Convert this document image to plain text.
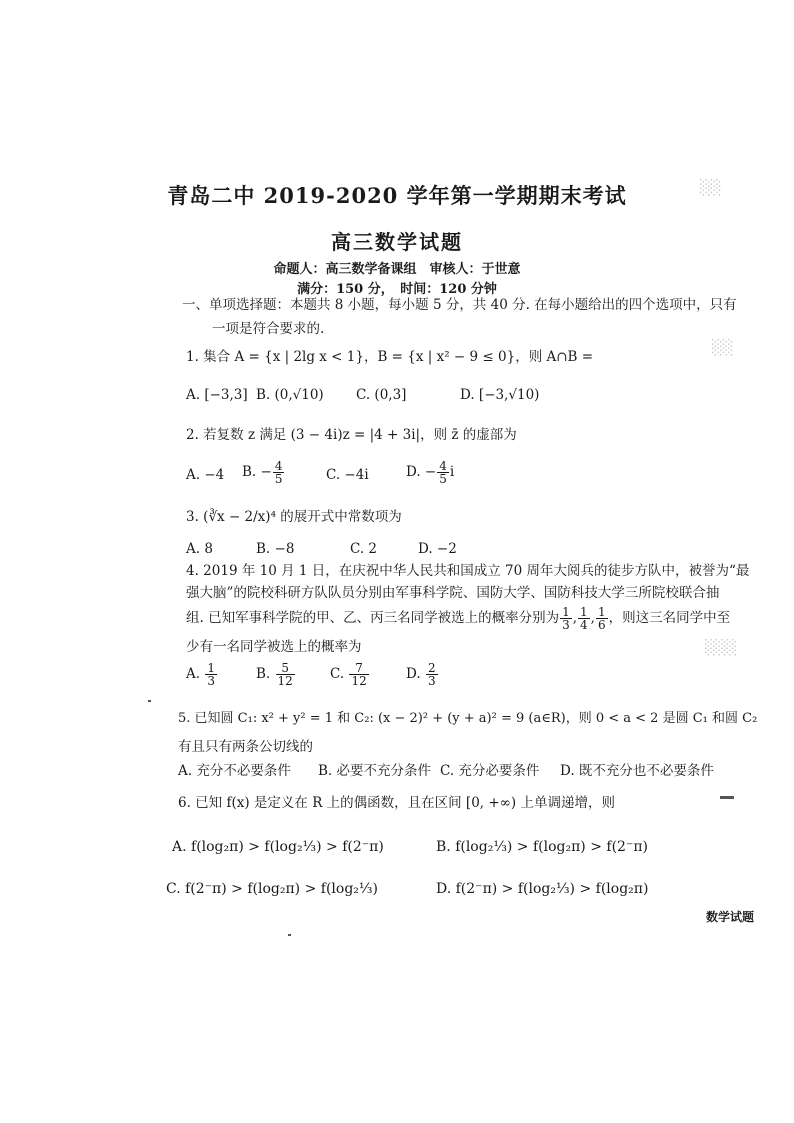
░░
░░
░░░
青岛二中 2019-2020 学年第一学期期末考试
高三数学试题
命题人：高三数学备课组　审核人：于世意
满分：150 分，　时间：120 分钟
一、单项选择题：本题共 8 小题，每小题 5 分，共 40 分. 在每小题给出的四个选项中，只有
一项是符合要求的.
1. 集合 A = {x | 2lg x < 1}，B = {x | x² − 9 ≤ 0}，则 A∩B =
A. [−3,3] B. (0,√10) C. (0,3]	D. [−3,√10)
2. 若复数 z 满足 (3 − 4i)z = |4 + 3i|，则 z̄ 的虚部为
A. −4 B. − $\frac{4}{5}$	C. −4i	D. − $\frac{4}{5}$ i
3. (∛x − 2/x)⁴ 的展开式中常数项为
A. 8	B. −8	C. 2	D. −2
4. 2019 年 10 月 1 日，在庆祝中华人民共和国成立 70 周年大阅兵的徒步方队中，被誉为“最
强大脑”的院校科研方队队员分别由军事科学院、国防大学、国防科技大学三所院校联合抽
组. 已知军事科学院的甲、乙、丙三名同学被选上的概率分别为 $\frac{1}{3}$ , $\frac{1}{4}$ , $\frac{1}{6}$ ，则这三名同学中至
少有一名同学被选上的概率为
A. $\frac{1}{3}$	B. $\frac{5}{12}$	C. $\frac{7}{12}$	D. $\frac{2}{3}$
5. 已知圆 C₁: x² + y² = 1 和 C₂: (x − 2)² + (y + a)² = 9 (a∈R)，则 0 < a < 2 是圆 C₁ 和圆 C₂
有且只有两条公切线的
A. 充分不必要条件 B. 必要不充分条件 C. 充分必要条件 D. 既不充分也不必要条件
6. 已知 f(x) 是定义在 R 上的偶函数，且在区间 [0, +∞) 上单调递增，则
A. f(log₂π) > f(log₂⅓) > f(2⁻π)	B. f(log₂⅓) > f(log₂π) > f(2⁻π)
C. f(2⁻π) > f(log₂π) > f(log₂⅓)	D. f(2⁻π) > f(log₂⅓) > f(log₂π)
数学试题
